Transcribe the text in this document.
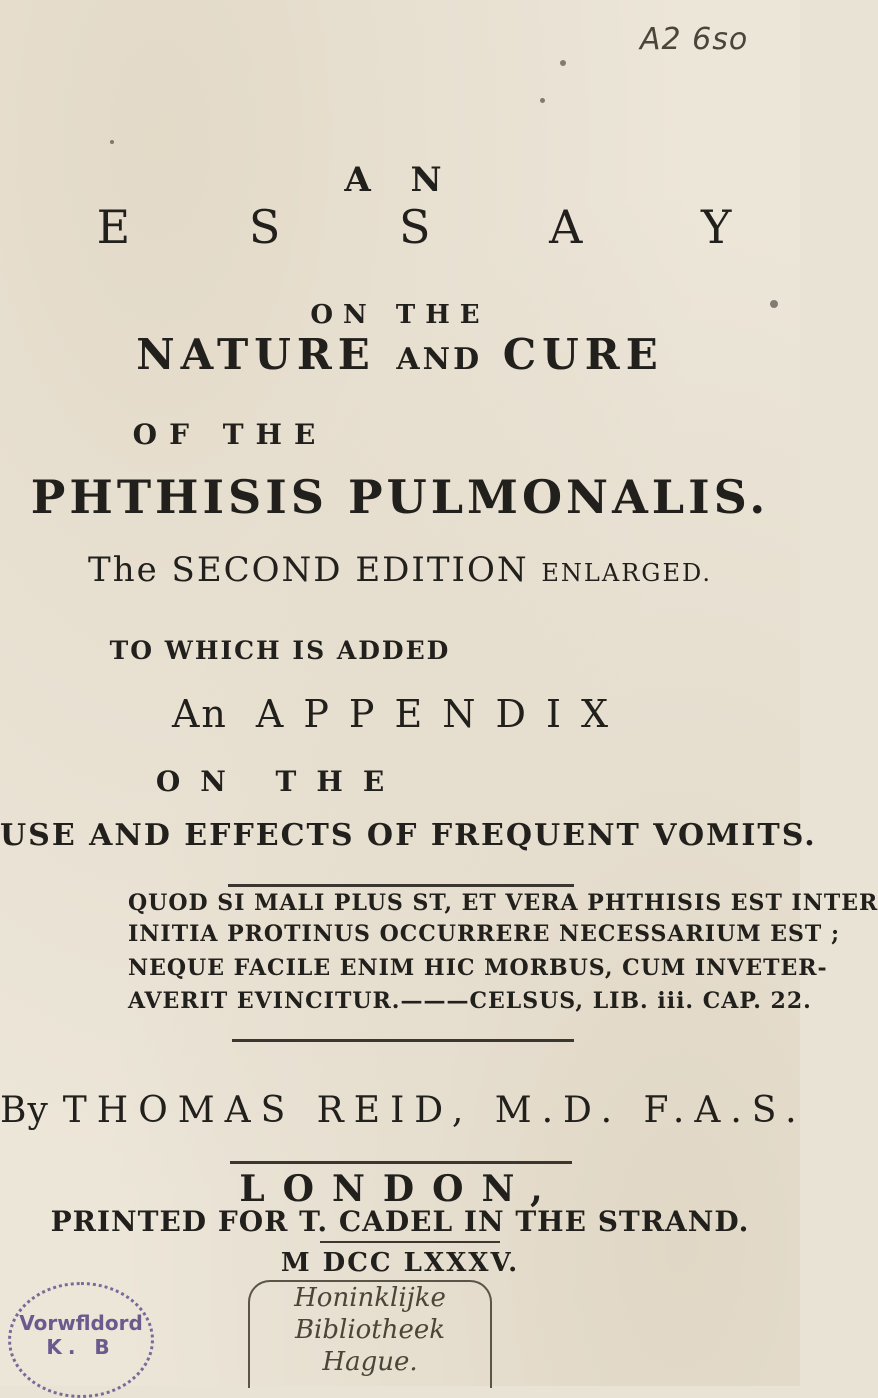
A2 6so
A N
E S S A Y
ON THE
NATURE AND CURE
OF THE
PHTHISIS PULMONALIS.
The SECOND EDITION ENLARGED.
TO WHICH IS ADDED
An APPENDIX
ON THE
USE AND EFFECTS OF FREQUENT VOMITS.
QUOD SI MALI PLUS ST, ET VERA PHTHISIS EST INTER
INITIA PROTINUS OCCURRERE NECESSARIUM EST ;
NEQUE FACILE ENIM HIC MORBUS, CUM INVETER-
AVERIT EVINCITUR.———CELSUS, LIB. iii. CAP. 22.
By THOMAS REID, M.D. F.A.S.
LONDON,
PRINTED FOR T. CADEL IN THE STRAND.
M DCC LXXXV.
Vorwfldord
K. B
Honinklijke
Bibliotheek
Hague.
